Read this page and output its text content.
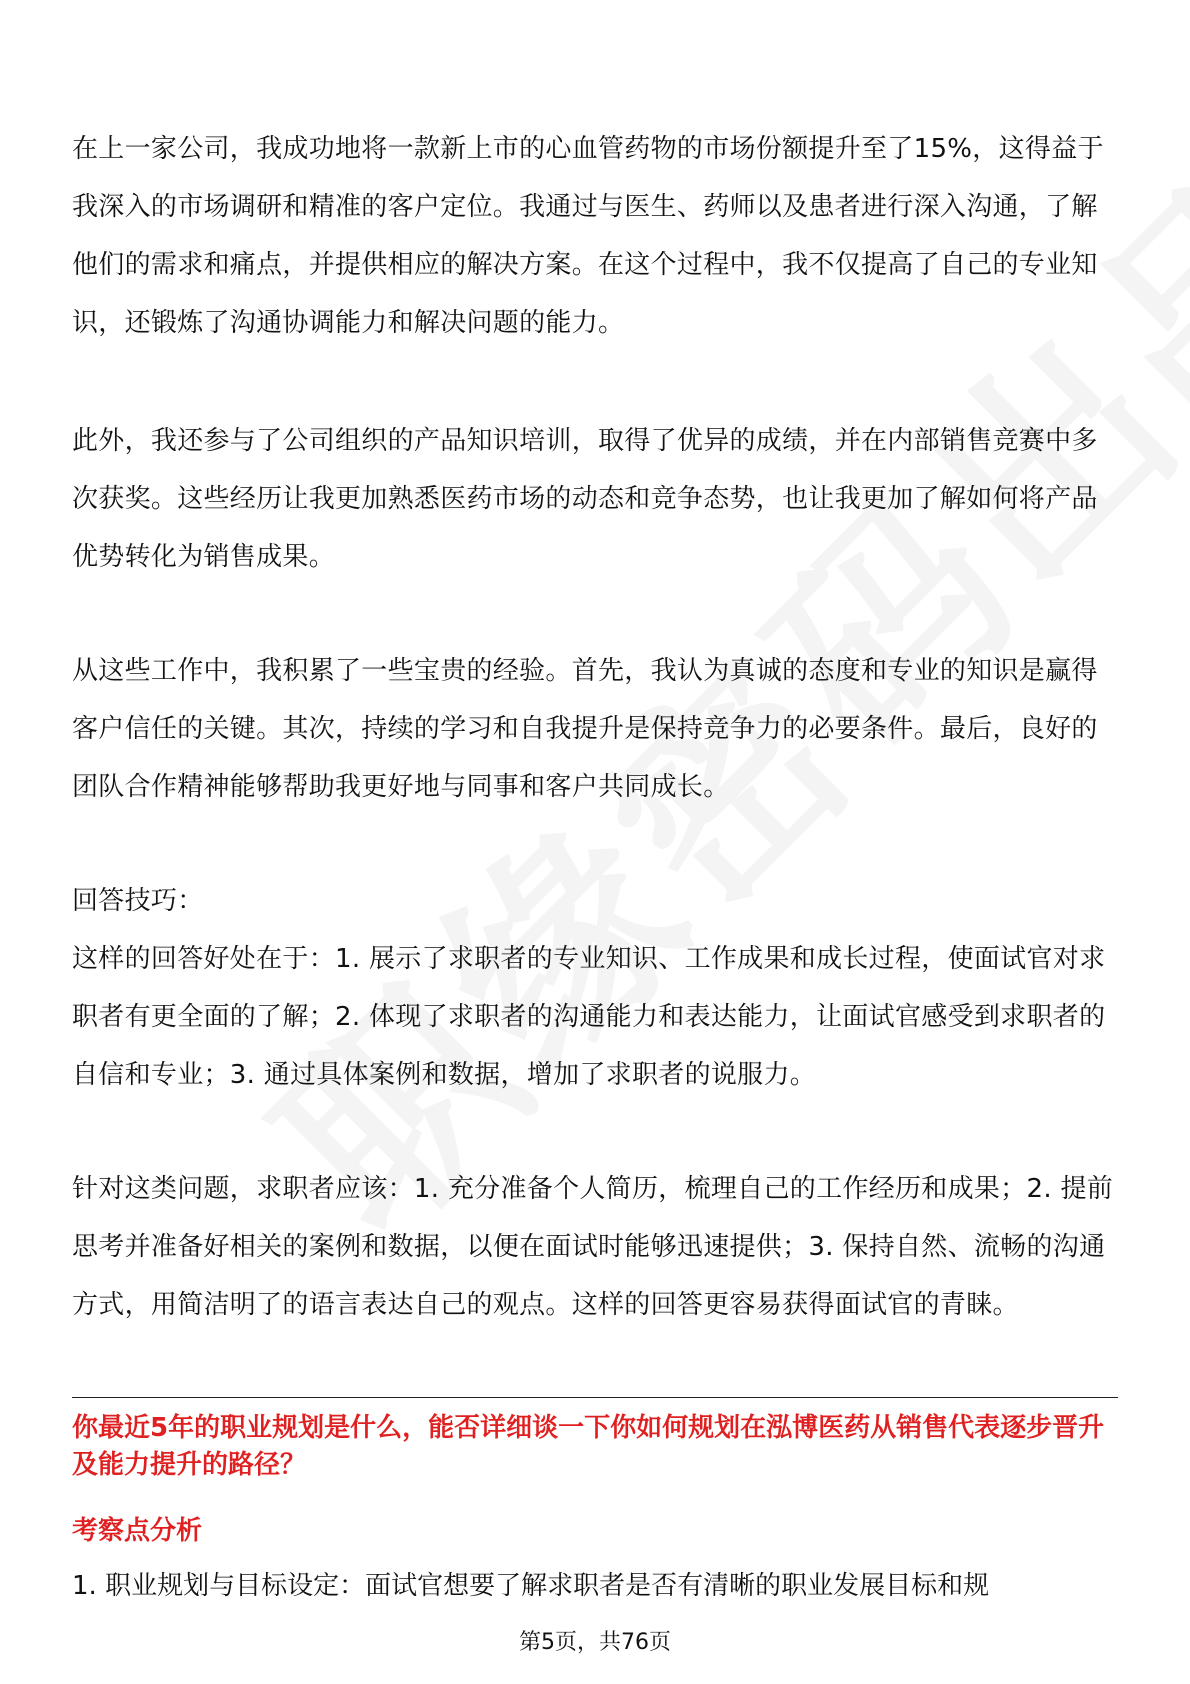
在上一家公司，我成功地将一款新上市的心血管药物的市场份额提升至了15%，这得益于我深入的市场调研和精准的客户定位。我通过与医生、药师以及患者进行深入沟通，了解他们的需求和痛点，并提供相应的解决方案。在这个过程中，我不仅提高了自己的专业知识，还锻炼了沟通协调能力和解决问题的能力。

此外，我还参与了公司组织的产品知识培训，取得了优异的成绩，并在内部销售竞赛中多次获奖。这些经历让我更加熟悉医药市场的动态和竞争态势，也让我更加了解如何将产品优势转化为销售成果。

从这些工作中，我积累了一些宝贵的经验。首先，我认为真诚的态度和专业的知识是赢得客户信任的关键。其次，持续的学习和自我提升是保持竞争力的必要条件。最后，良好的团队合作精神能够帮助我更好地与同事和客户共同成长。

回答技巧：

这样的回答好处在于：1. 展示了求职者的专业知识、工作成果和成长过程，使面试官对求职者有更全面的了解；2. 体现了求职者的沟通能力和表达能力，让面试官感受到求职者的自信和专业；3. 通过具体案例和数据，增加了求职者的说服力。

针对这类问题，求职者应该：1. 充分准备个人简历，梳理自己的工作经历和成果；2. 提前思考并准备好相关的案例和数据，以便在面试时能够迅速提供；3. 保持自然、流畅的沟通方式，用简洁明了的语言表达自己的观点。这样的回答更容易获得面试官的青睐。

你最近5年的职业规划是什么，能否详细谈一下你如何规划在泓博医药从销售代表逐步晋升及能力提升的路径？

考察点分析

1. 职业规划与目标设定：面试官想要了解求职者是否有清晰的职业发展目标和规

第5页，共76页
